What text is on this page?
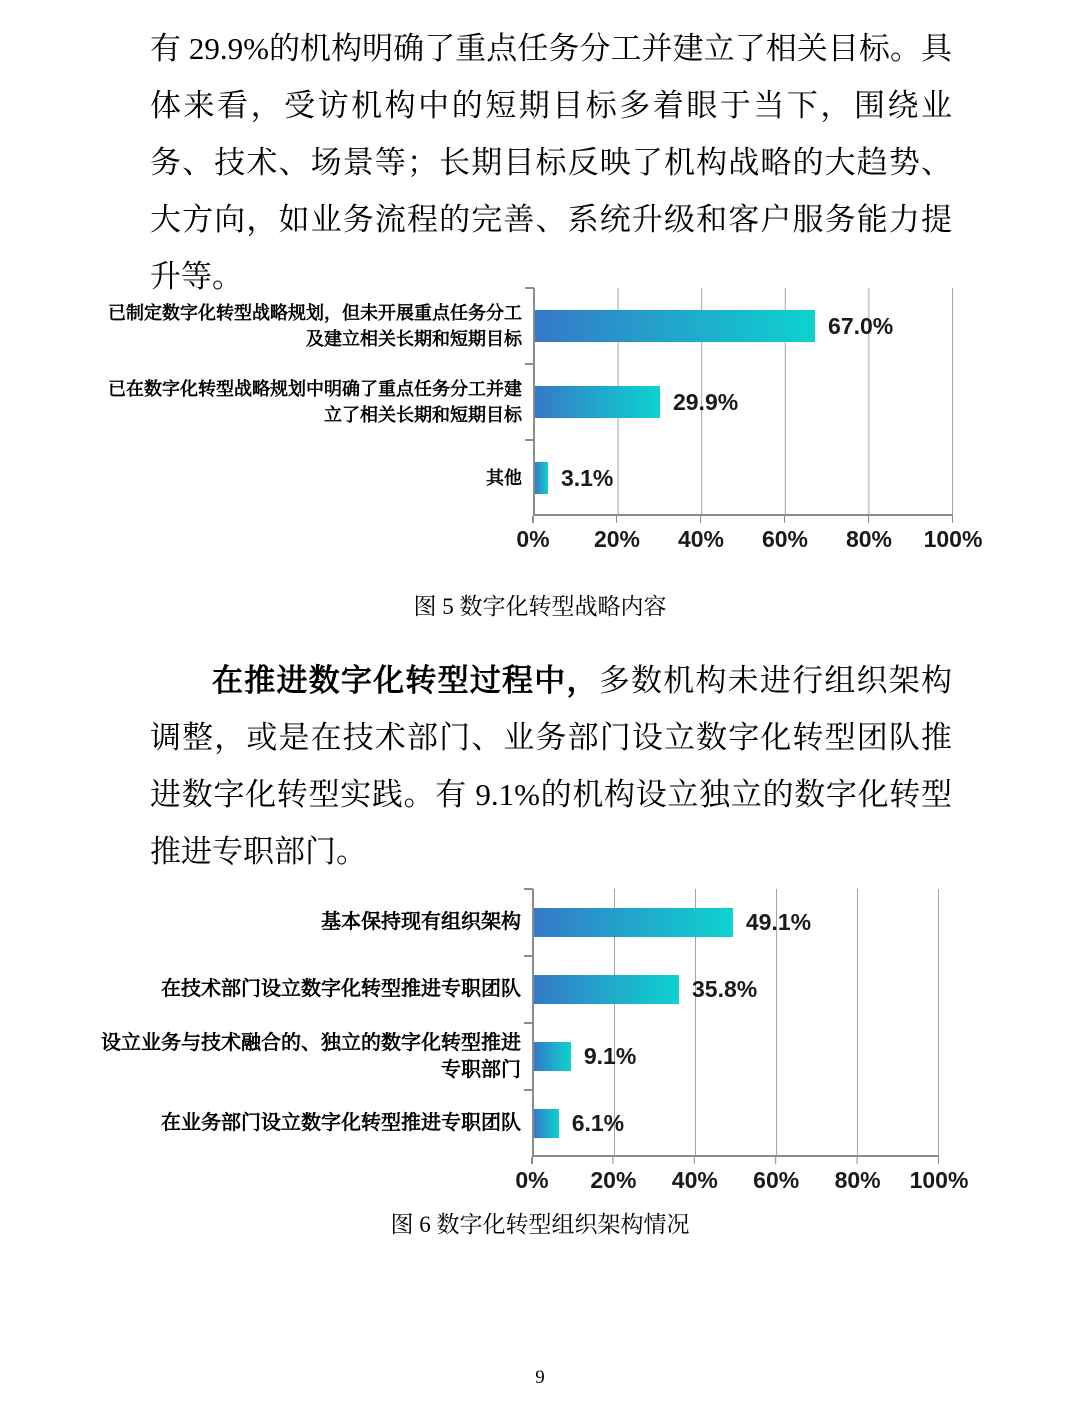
有 29.9%的机构明确了重点任务分工并建立了相关目标。具体来看，受访机构中的短期目标多着眼于当下，围绕业务、技术、场景等；长期目标反映了机构战略的大趋势、大方向，如业务流程的完善、系统升级和客户服务能力提升等。

已制定数字化转型战略规划，但未开展重点任务分工及建立相关长期和短期目标
已在数字化转型战略规划中明确了重点任务分工并建立了相关长期和短期目标
其他
67.0%
29.9%
3.1%
0% 20% 40% 60% 80% 100%
图 5 数字化转型战略内容

在推进数字化转型过程中，多数机构未进行组织架构调整，或是在技术部门、业务部门设立数字化转型团队推进数字化转型实践。有 9.1%的机构设立独立的数字化转型推进专职部门。

基本保持现有组织架构
在技术部门设立数字化转型推进专职团队
设立业务与技术融合的、独立的数字化转型推进专职部门
在业务部门设立数字化转型推进专职团队
49.1%
35.8%
9.1%
6.1%
0% 20% 40% 60% 80% 100%
图 6 数字化转型组织架构情况
9
